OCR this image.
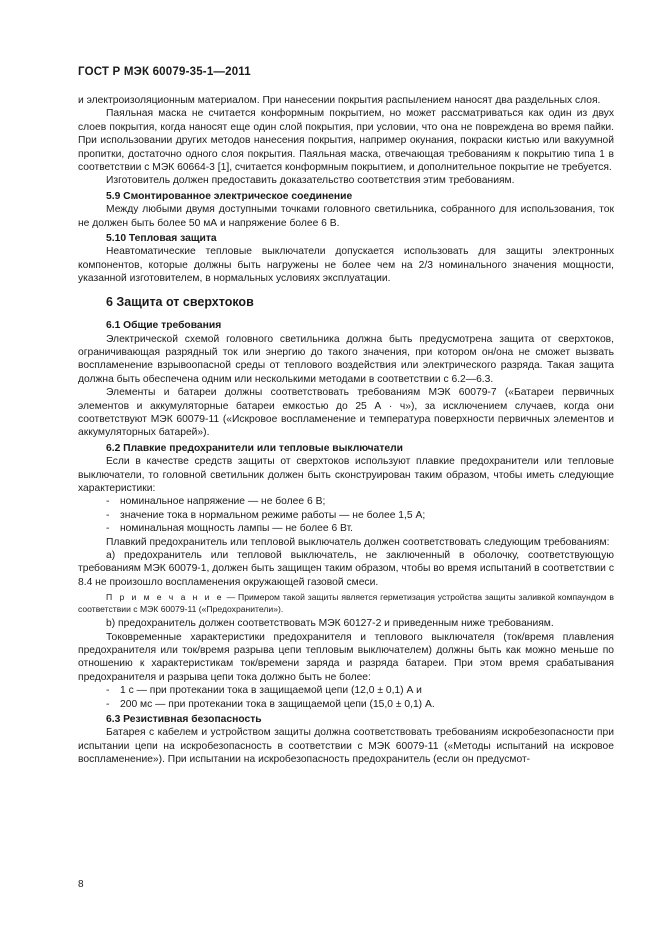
ГОСТ Р МЭК 60079-35-1—2011

и электроизоляционным материалом. При нанесении покрытия распылением наносят два раздельных слоя.

Паяльная маска не считается конформным покрытием, но может рассматриваться как один из двух слоев покрытия, когда наносят еще один слой покрытия, при условии, что она не повреждена во время пайки. При использовании других методов нанесения покрытия, например окунания, покраски кистью или вакуумной пропитки, достаточно одного слоя покрытия. Паяльная маска, отвечающая требованиям к покрытию типа 1 в соответствии с МЭК 60664-3 [1], считается конформным покрытием, и дополнительное покрытие не требуется.

Изготовитель должен предоставить доказательство соответствия этим требованиям.

5.9 Смонтированное электрическое соединение

Между любыми двумя доступными точками головного светильника, собранного для использования, ток не должен быть более 50 мА и напряжение более 6 В.

5.10 Тепловая защита

Неавтоматические тепловые выключатели допускается использовать для защиты электронных компонентов, которые должны быть нагружены не более чем на 2/3 номинального значения мощности, указанной изготовителем, в нормальных условиях эксплуатации.

6 Защита от сверхтоков

6.1 Общие требования

Электрической схемой головного светильника должна быть предусмотрена защита от сверхтоков, ограничивающая разрядный ток или энергию до такого значения, при котором он/она не сможет вызвать воспламенение взрывоопасной среды от теплового воздействия или электрического разряда. Такая защита должна быть обеспечена одним или несколькими методами в соответствии с 6.2—6.3.

Элементы и батареи должны соответствовать требованиям МЭК 60079-7 («Батареи первичных элементов и аккумуляторные батареи емкостью до 25 А · ч»), за исключением случаев, когда они соответствуют МЭК 60079-11 («Искровое воспламенение и температура поверхности первичных элементов и аккумуляторных батарей»).

6.2 Плавкие предохранители или тепловые выключатели

Если в качестве средств защиты от сверхтоков используют плавкие предохранители или тепловые выключатели, то головной светильник должен быть сконструирован таким образом, чтобы иметь следующие характеристики:

- номинальное напряжение — не более 6 В;
- значение тока в нормальном режиме работы — не более 1,5 А;
- номинальная мощность лампы — не более 6 Вт.

Плавкий предохранитель или тепловой выключатель должен соответствовать следующим требованиям:

а) предохранитель или тепловой выключатель, не заключенный в оболочку, соответствующую требованиям МЭК 60079-1, должен быть защищен таким образом, чтобы во время испытаний в соответствии с 8.4 не произошло воспламенения окружающей газовой смеси.

П р и м е ч а н и е — Примером такой защиты является герметизация устройства защиты заливкой компаундом в соответствии с МЭК 60079-11 («Предохранители»).

b) предохранитель должен соответствовать МЭК 60127-2 и приведенным ниже требованиям.

Токовременные характеристики предохранителя и теплового выключателя (ток/время плавления предохранителя или ток/время разрыва цепи тепловым выключателем) должны быть как можно меньше по отношению к характеристикам ток/времени заряда и разряда батареи. При этом время срабатывания предохранителя и разрыва цепи тока должно быть не более:

- 1 с — при протекании тока в защищаемой цепи (12,0 ± 0,1) А и
- 200 мс — при протекании тока в защищаемой цепи (15,0 ± 0,1) А.

6.3 Резистивная безопасность

Батарея с кабелем и устройством защиты должна соответствовать требованиям искробезопасности при испытании цепи на искробезопасность в соответствии с МЭК 60079-11 («Методы испытаний на искровое воспламенение»). При испытании на искробезопасность предохранитель (если он предусмот-

8
